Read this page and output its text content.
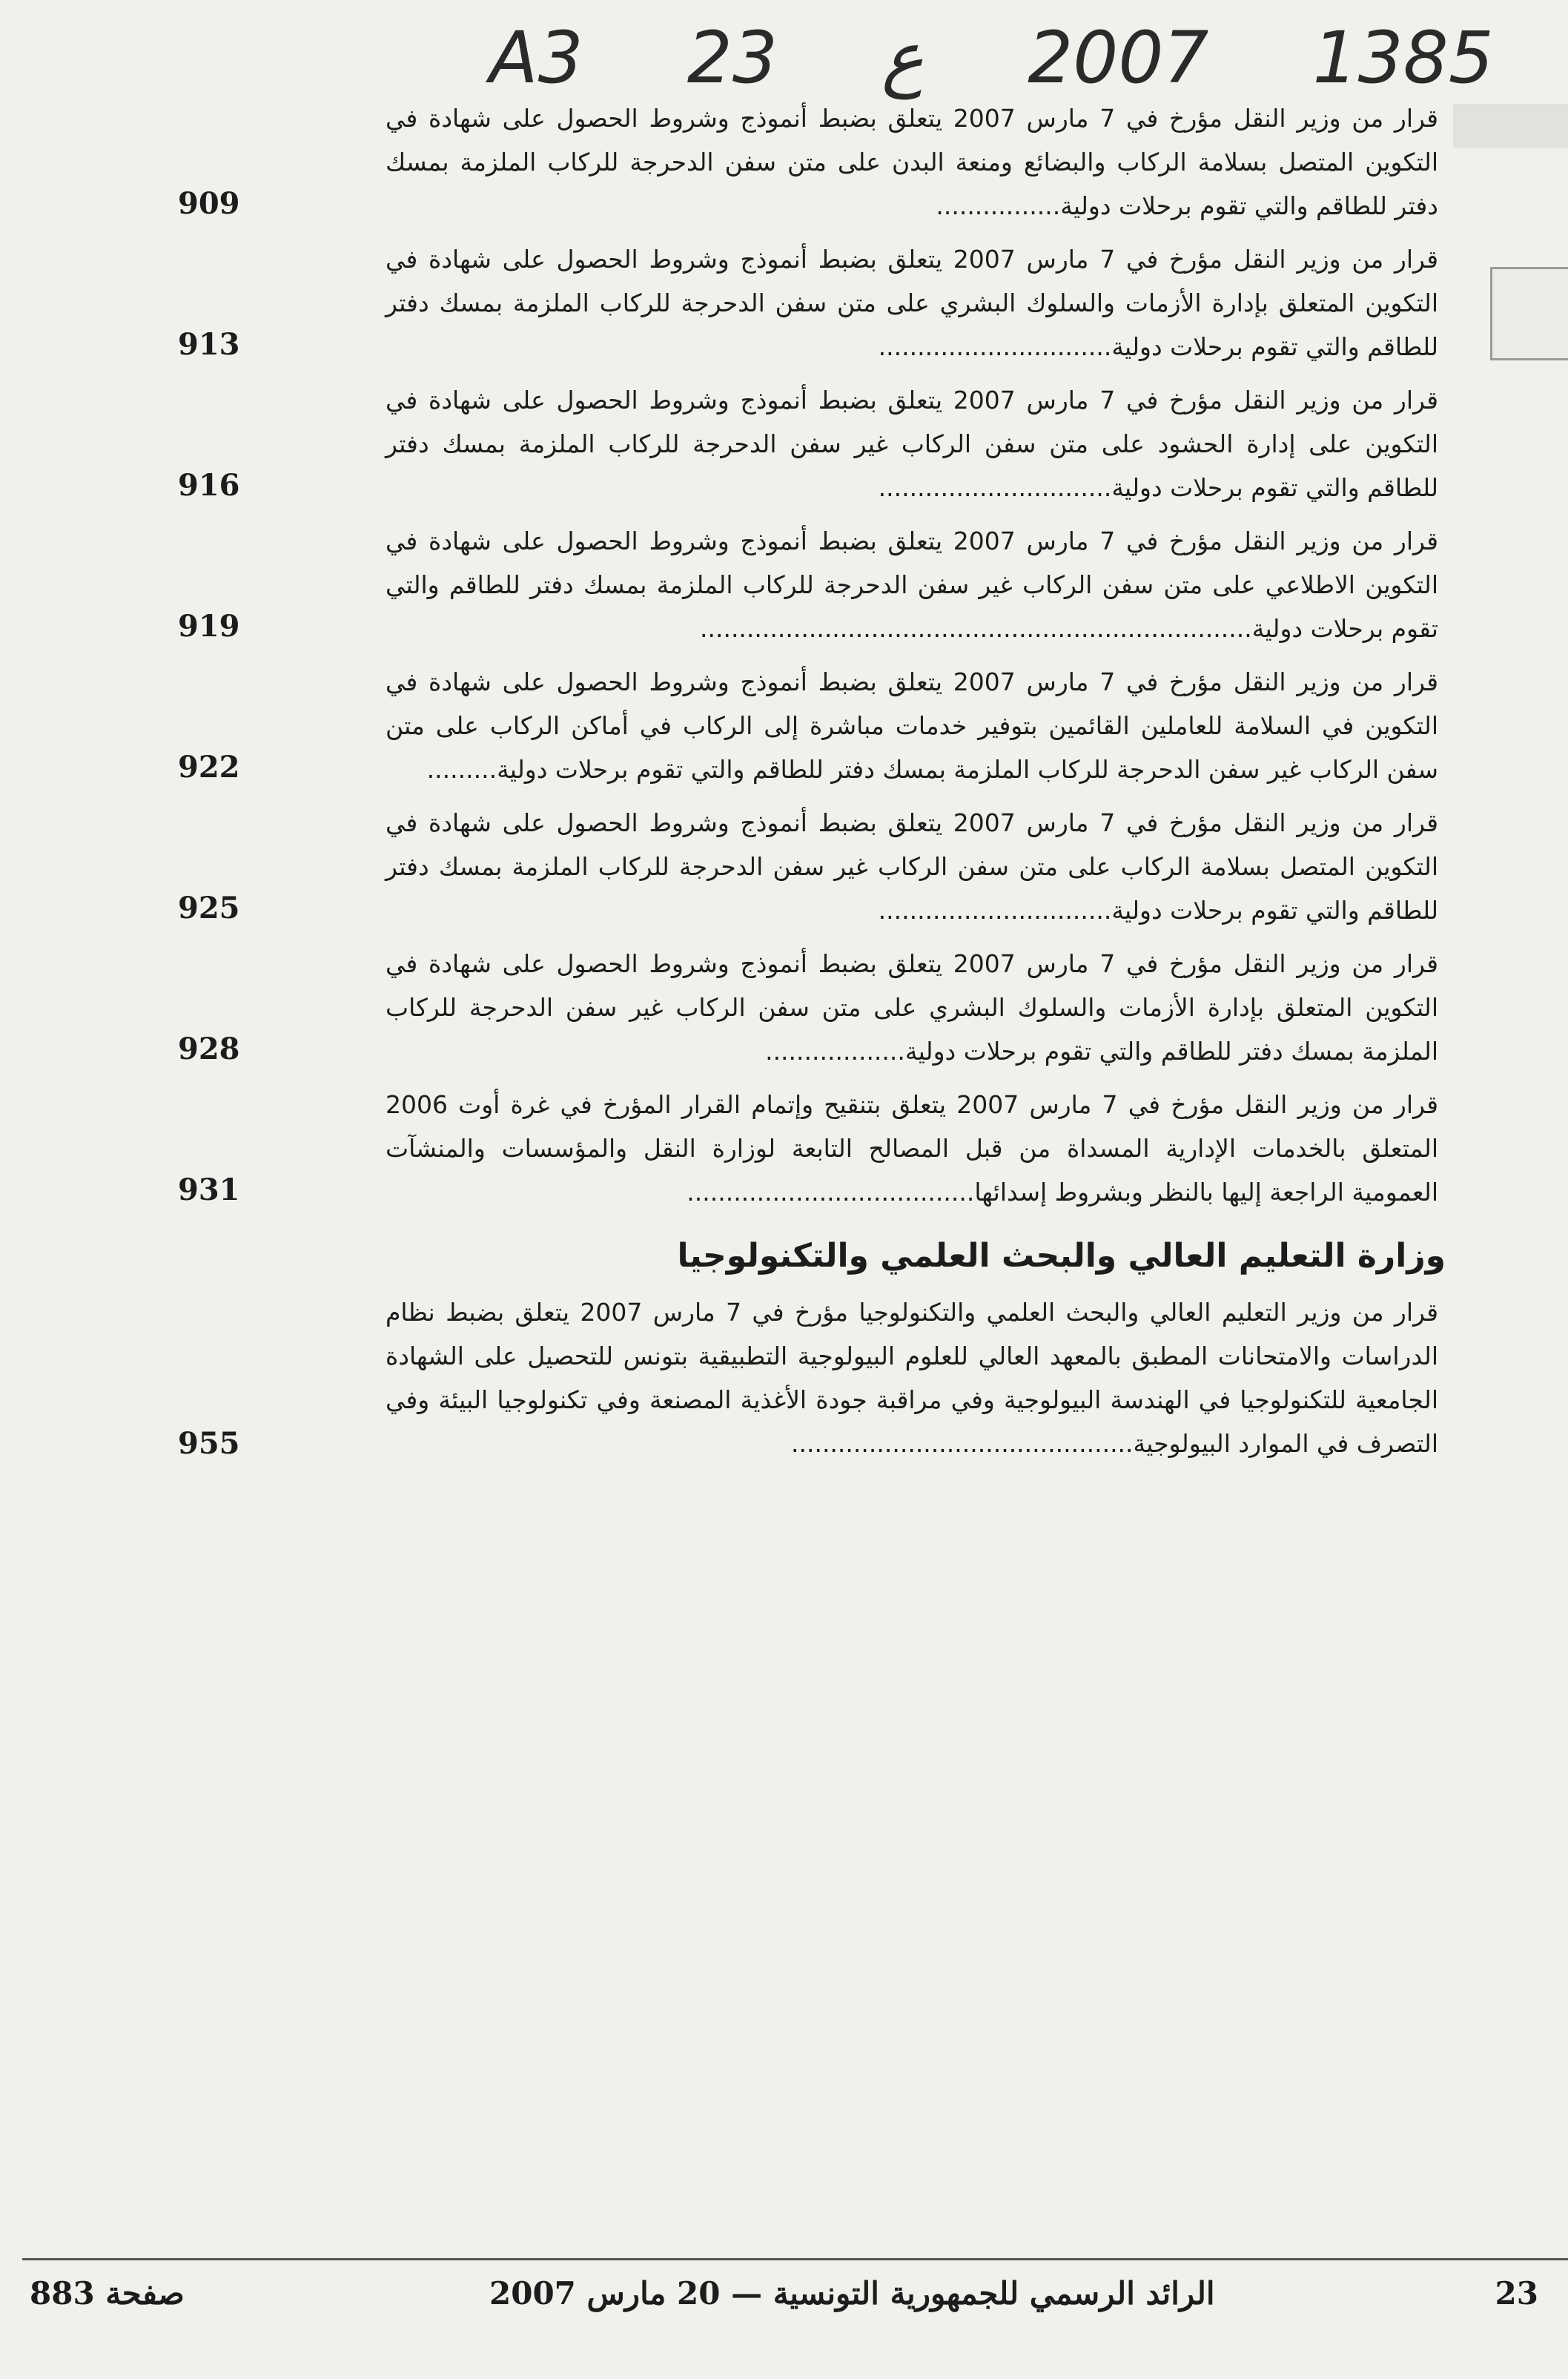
A3 23 ع 2007 1385
قرار من وزير النقل مؤرخ في 7 مارس 2007 يتعلق بضبط أنموذج وشروط الحصول على شهادة في التكوين المتصل بسلامة الركاب والبضائع ومنعة البدن على متن سفن الدحرجة للركاب الملزمة بمسك دفتر للطاقم والتي تقوم برحلات دولية................
909
قرار من وزير النقل مؤرخ في 7 مارس 2007 يتعلق بضبط أنموذج وشروط الحصول على شهادة في التكوين المتعلق بإدارة الأزمات والسلوك البشري على متن سفن الدحرجة للركاب الملزمة بمسك دفتر للطاقم والتي تقوم برحلات دولية..............................
913
قرار من وزير النقل مؤرخ في 7 مارس 2007 يتعلق بضبط أنموذج وشروط الحصول على شهادة في التكوين على إدارة الحشود على متن سفن الركاب غير سفن الدحرجة للركاب الملزمة بمسك دفتر للطاقم والتي تقوم برحلات دولية..............................
916
قرار من وزير النقل مؤرخ في 7 مارس 2007 يتعلق بضبط أنموذج وشروط الحصول على شهادة في التكوين الاطلاعي على متن سفن الركاب غير سفن الدحرجة للركاب الملزمة بمسك دفتر للطاقم والتي تقوم برحلات دولية.......................................................................
919
قرار من وزير النقل مؤرخ في 7 مارس 2007 يتعلق بضبط أنموذج وشروط الحصول على شهادة في التكوين في السلامة للعاملين القائمين بتوفير خدمات مباشرة إلى الركاب في أماكن الركاب على متن سفن الركاب غير سفن الدحرجة للركاب الملزمة بمسك دفتر للطاقم والتي تقوم برحلات دولية.........
922
قرار من وزير النقل مؤرخ في 7 مارس 2007 يتعلق بضبط أنموذج وشروط الحصول على شهادة في التكوين المتصل بسلامة الركاب على متن سفن الركاب غير سفن الدحرجة للركاب الملزمة بمسك دفتر للطاقم والتي تقوم برحلات دولية..............................
925
قرار من وزير النقل مؤرخ في 7 مارس 2007 يتعلق بضبط أنموذج وشروط الحصول على شهادة في التكوين المتعلق بإدارة الأزمات والسلوك البشري على متن سفن الركاب غير سفن الدحرجة للركاب الملزمة بمسك دفتر للطاقم والتي تقوم برحلات دولية..................
928
قرار من وزير النقل مؤرخ في 7 مارس 2007 يتعلق بتنقيح وإتمام القرار المؤرخ في غرة أوت 2006 المتعلق بالخدمات الإدارية المسداة من قبل المصالح التابعة لوزارة النقل والمؤسسات والمنشآت العمومية الراجعة إليها بالنظر وبشروط إسدائها.....................................
931
وزارة التعليم العالي والبحث العلمي والتكنولوجيا
قرار من وزير التعليم العالي والبحث العلمي والتكنولوجيا مؤرخ في 7 مارس 2007 يتعلق بضبط نظام الدراسات والامتحانات المطبق بالمعهد العالي للعلوم البيولوجية التطبيقية بتونس للتحصيل على الشهادة الجامعية للتكنولوجيا في الهندسة البيولوجية وفي مراقبة جودة الأغذية المصنعة وفي تكنولوجيا البيئة وفي التصرف في الموارد البيولوجية............................................
955
صفحة 883	الرائد الرسمي للجمهورية التونسية — 20 مارس 2007	23
